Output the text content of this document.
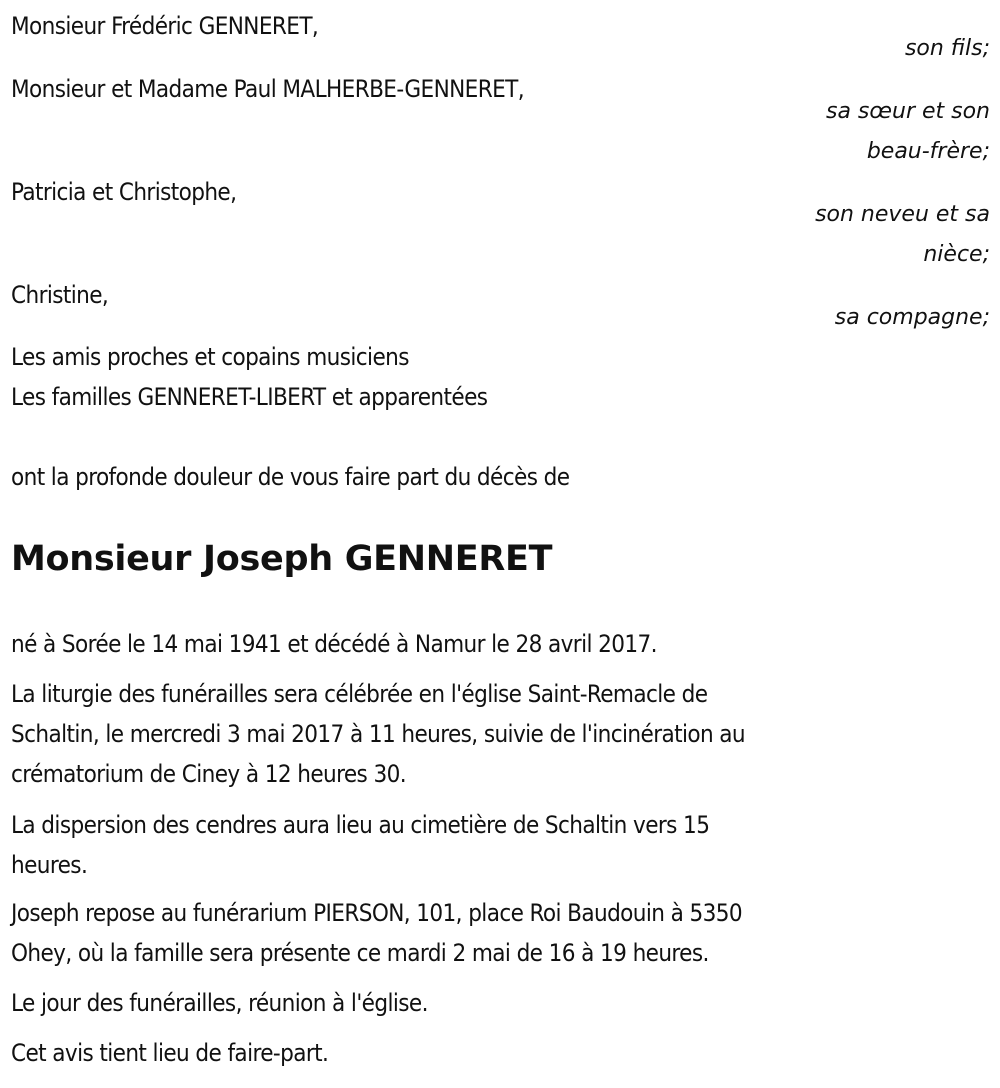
Monsieur Frédéric GENNERET,
son fils;
Monsieur et Madame Paul MALHERBE-GENNERET,
sa sœur et son
beau-frère;
Patricia et Christophe,
son neveu et sa
nièce;
Christine,
sa compagne;
Les amis proches et copains musiciens
Les familles GENNERET-LIBERT et apparentées
ont la profonde douleur de vous faire part du décès de
Monsieur Joseph GENNERET
né à Sorée le 14 mai 1941 et décédé à Namur le 28 avril 2017.
La liturgie des funérailles sera célébrée en l'église Saint-Remacle de
Schaltin, le mercredi 3 mai 2017 à 11 heures, suivie de l'incinération au
crématorium de Ciney à 12 heures 30.
La dispersion des cendres aura lieu au cimetière de Schaltin vers 15
heures.
Joseph repose au funérarium PIERSON, 101, place Roi Baudouin à 5350
Ohey, où la famille sera présente ce mardi 2 mai de 16 à 19 heures.
Le jour des funérailles, réunion à l'église.
Cet avis tient lieu de faire-part.
